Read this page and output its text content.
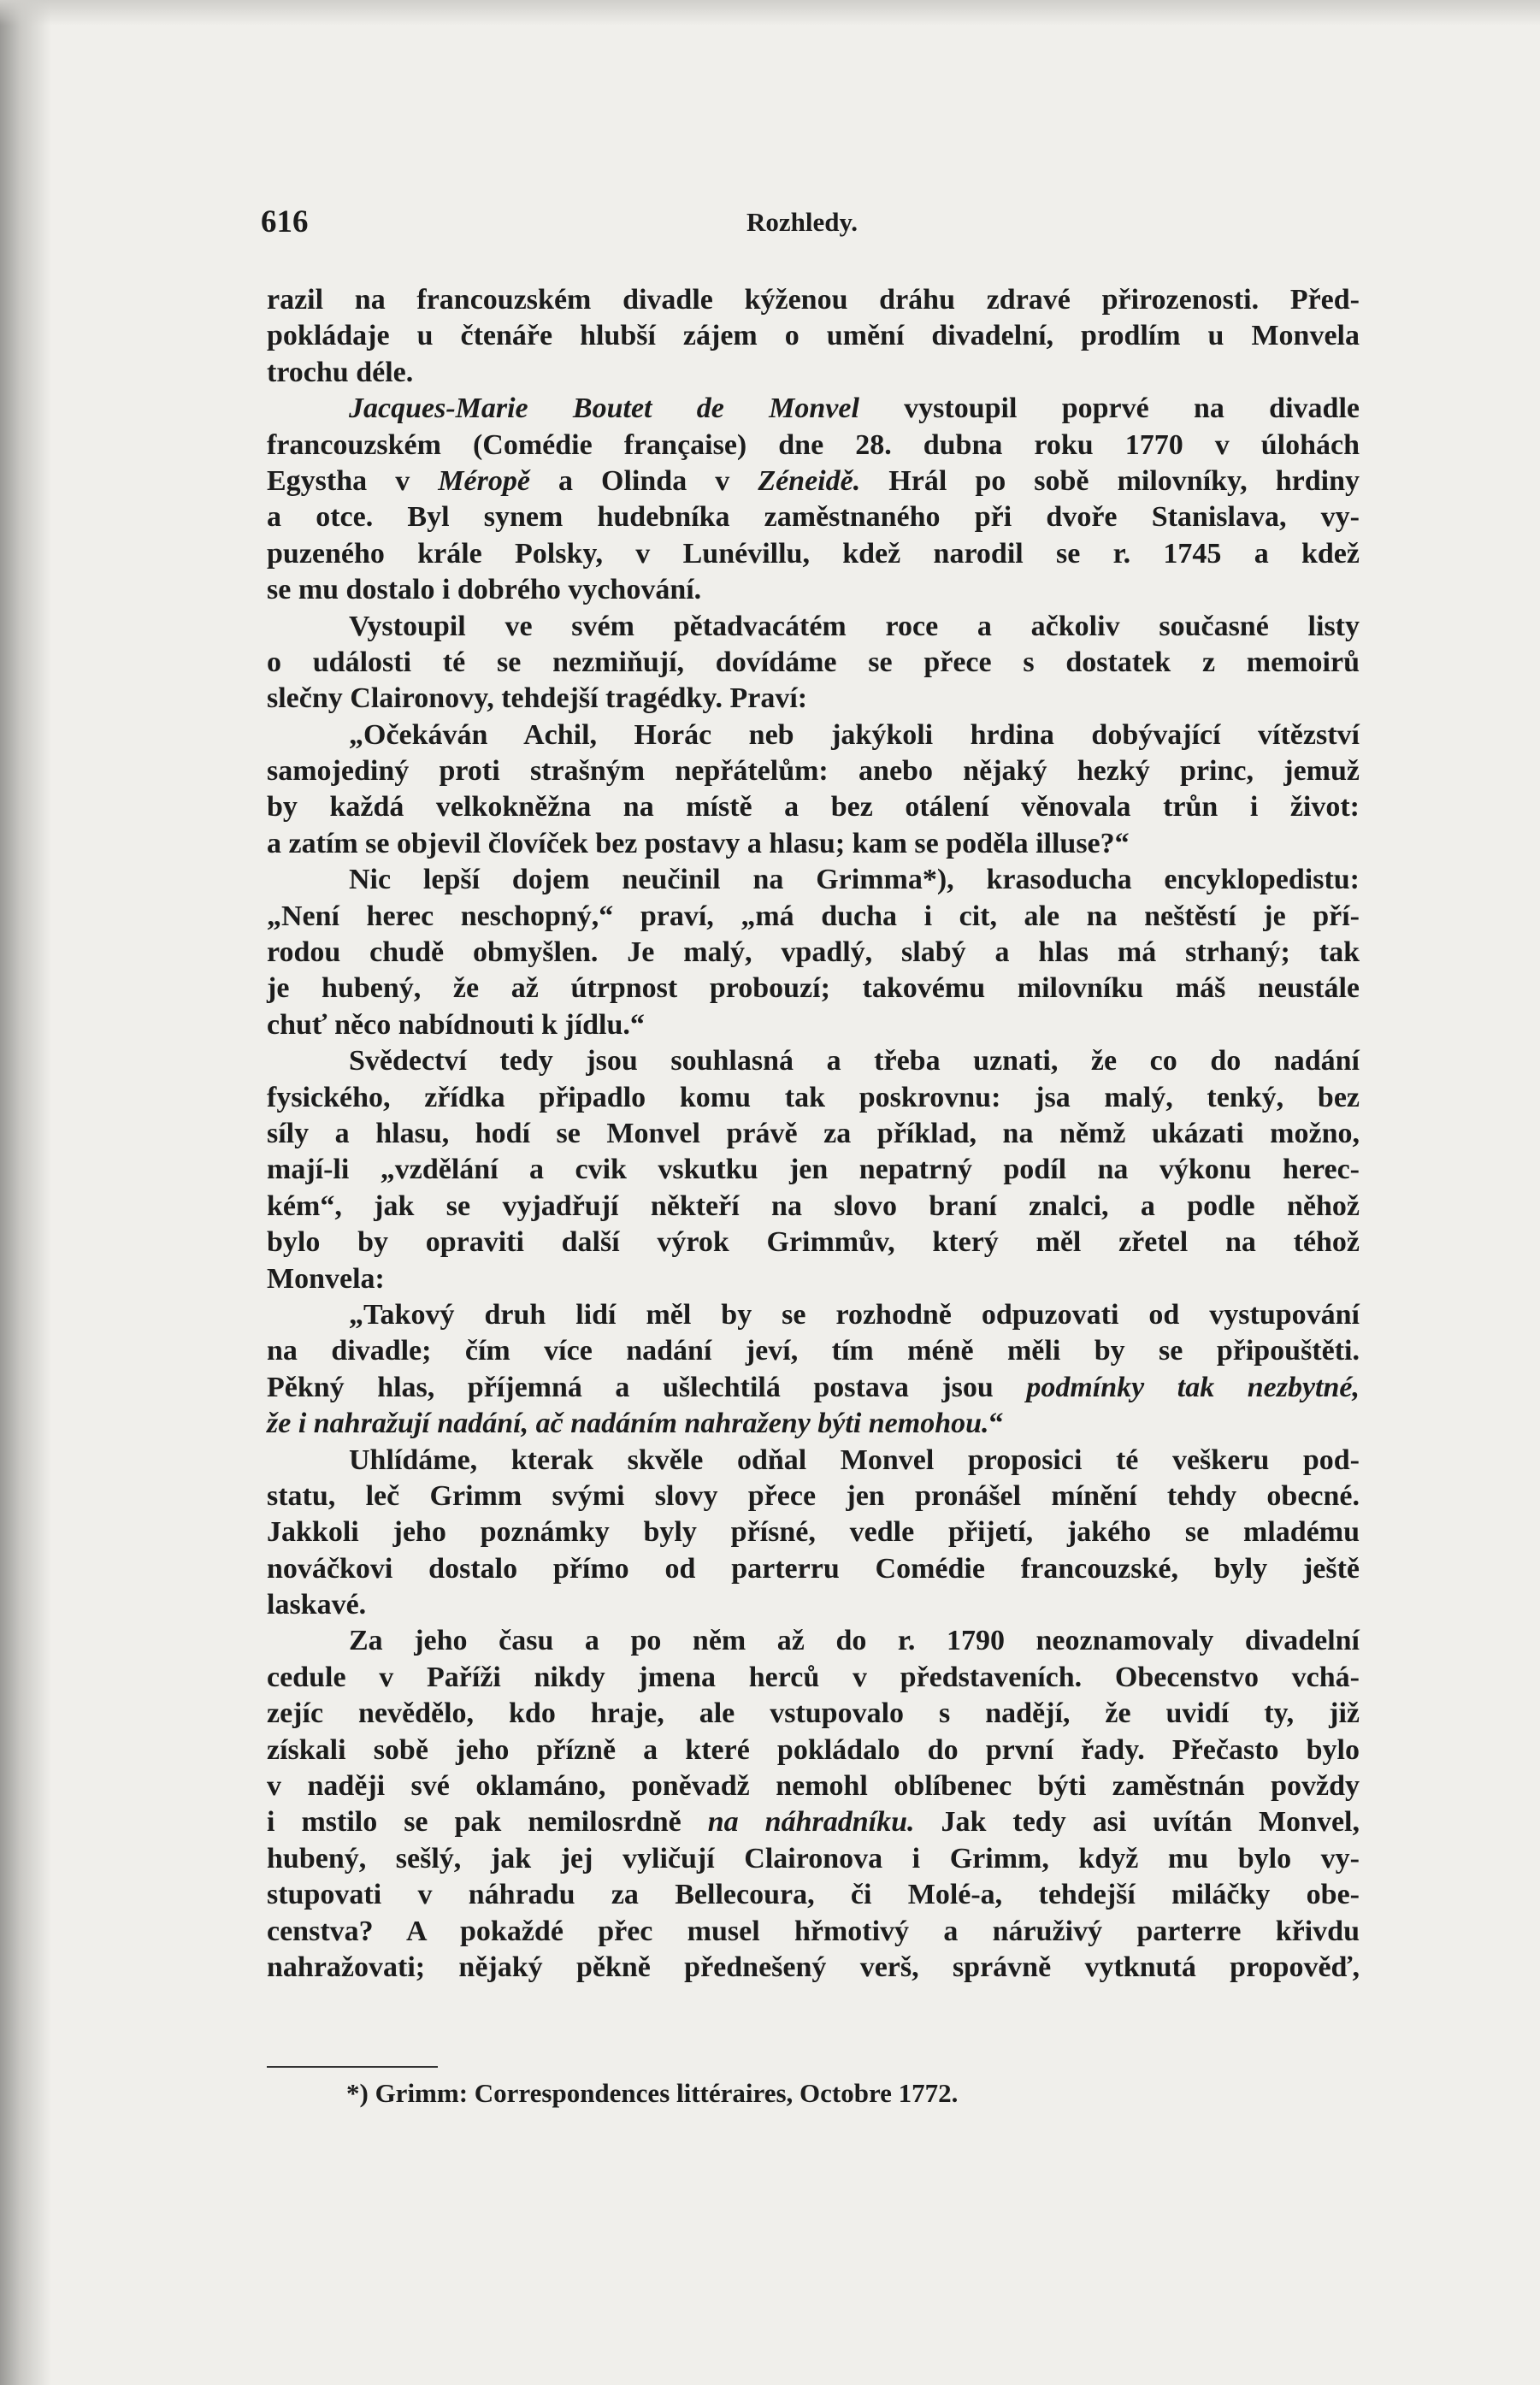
616	Rozhledy.
razil na francouzském divadle kýženou dráhu zdravé přirozenosti. Před-
pokládaje u čtenáře hlubší zájem o umění divadelní, prodlím u Monvela
trochu déle.
Jacques-Marie Boutet de Monvel vystoupil poprvé na divadle
francouzském (Comédie française) dne 28. dubna roku 1770 v úlohách
Egystha v Méropě a Olinda v Zéneidě. Hrál po sobě milovníky, hrdiny
a otce. Byl synem hudebníka zaměstnaného při dvoře Stanislava, vy-
puzeného krále Polsky, v Lunévillu, kdež narodil se r. 1745 a kdež
se mu dostalo i dobrého vychování.
Vystoupil ve svém pětadvacátém roce a ačkoliv současné listy
o události té se nezmiňují, dovídáme se přece s dostatek z memoirů
slečny Claironovy, tehdejší tragédky. Praví:
„Očekáván Achil, Horác neb jakýkoli hrdina dobývající vítězství
samojediný proti strašným nepřátelům: anebo nějaký hezký princ, jemuž
by každá velkokněžna na místě a bez otálení věnovala trůn i život:
a zatím se objevil človíček bez postavy a hlasu; kam se poděla illuse?“
Nic lepší dojem neučinil na Grimma*), krasoducha encyklopedistu:
„Není herec neschopný,“ praví, „má ducha i cit, ale na neštěstí je pří-
rodou chudě obmyšlen. Je malý, vpadlý, slabý a hlas má strhaný; tak
je hubený, že až útrpnost probouzí; takovému milovníku máš neustále
chuť něco nabídnouti k jídlu.“
Svědectví tedy jsou souhlasná a třeba uznati, že co do nadání
fysického, zřídka připadlo komu tak poskrovnu: jsa malý, tenký, bez
síly a hlasu, hodí se Monvel právě za příklad, na němž ukázati možno,
mají-li „vzdělání a cvik vskutku jen nepatrný podíl na výkonu herec-
kém“, jak se vyjadřují někteří na slovo braní znalci, a podle něhož
bylo by opraviti další výrok Grimmův, který měl zřetel na téhož
Monvela:
„Takový druh lidí měl by se rozhodně odpuzovati od vystupování
na divadle; čím více nadání jeví, tím méně měli by se připouštěti.
Pěkný hlas, příjemná a ušlechtilá postava jsou podmínky tak nezbytné,
že i nahražují nadání, ač nadáním nahraženy býti nemohou.“
Uhlídáme, kterak skvěle odňal Monvel proposici té veškeru pod-
statu, leč Grimm svými slovy přece jen pronášel mínění tehdy obecné.
Jakkoli jeho poznámky byly přísné, vedle přijetí, jakého se mladému
nováčkovi dostalo přímo od parterru Comédie francouzské, byly ještě
laskavé.
Za jeho času a po něm až do r. 1790 neoznamovaly divadelní
cedule v Paříži nikdy jmena herců v představeních. Obecenstvo vchá-
zejíc nevědělo, kdo hraje, ale vstupovalo s nadějí, že uvidí ty, již
získali sobě jeho přízně a které pokládalo do první řady. Přečasto bylo
v naději své oklamáno, poněvadž nemohl oblíbenec býti zaměstnán povždy
i mstilo se pak nemilosrdně na náhradníku. Jak tedy asi uvítán Monvel,
hubený, sešlý, jak jej vyličují Claironova i Grimm, když mu bylo vy-
stupovati v náhradu za Bellecoura, či Molé-a, tehdejší miláčky obe-
censtva? A pokaždé přec musel hřmotivý a náruživý parterre křivdu
nahražovati; nějaký pěkně přednešený verš, správně vytknutá propověď,
*) Grimm: Correspondences littéraires, Octobre 1772.
